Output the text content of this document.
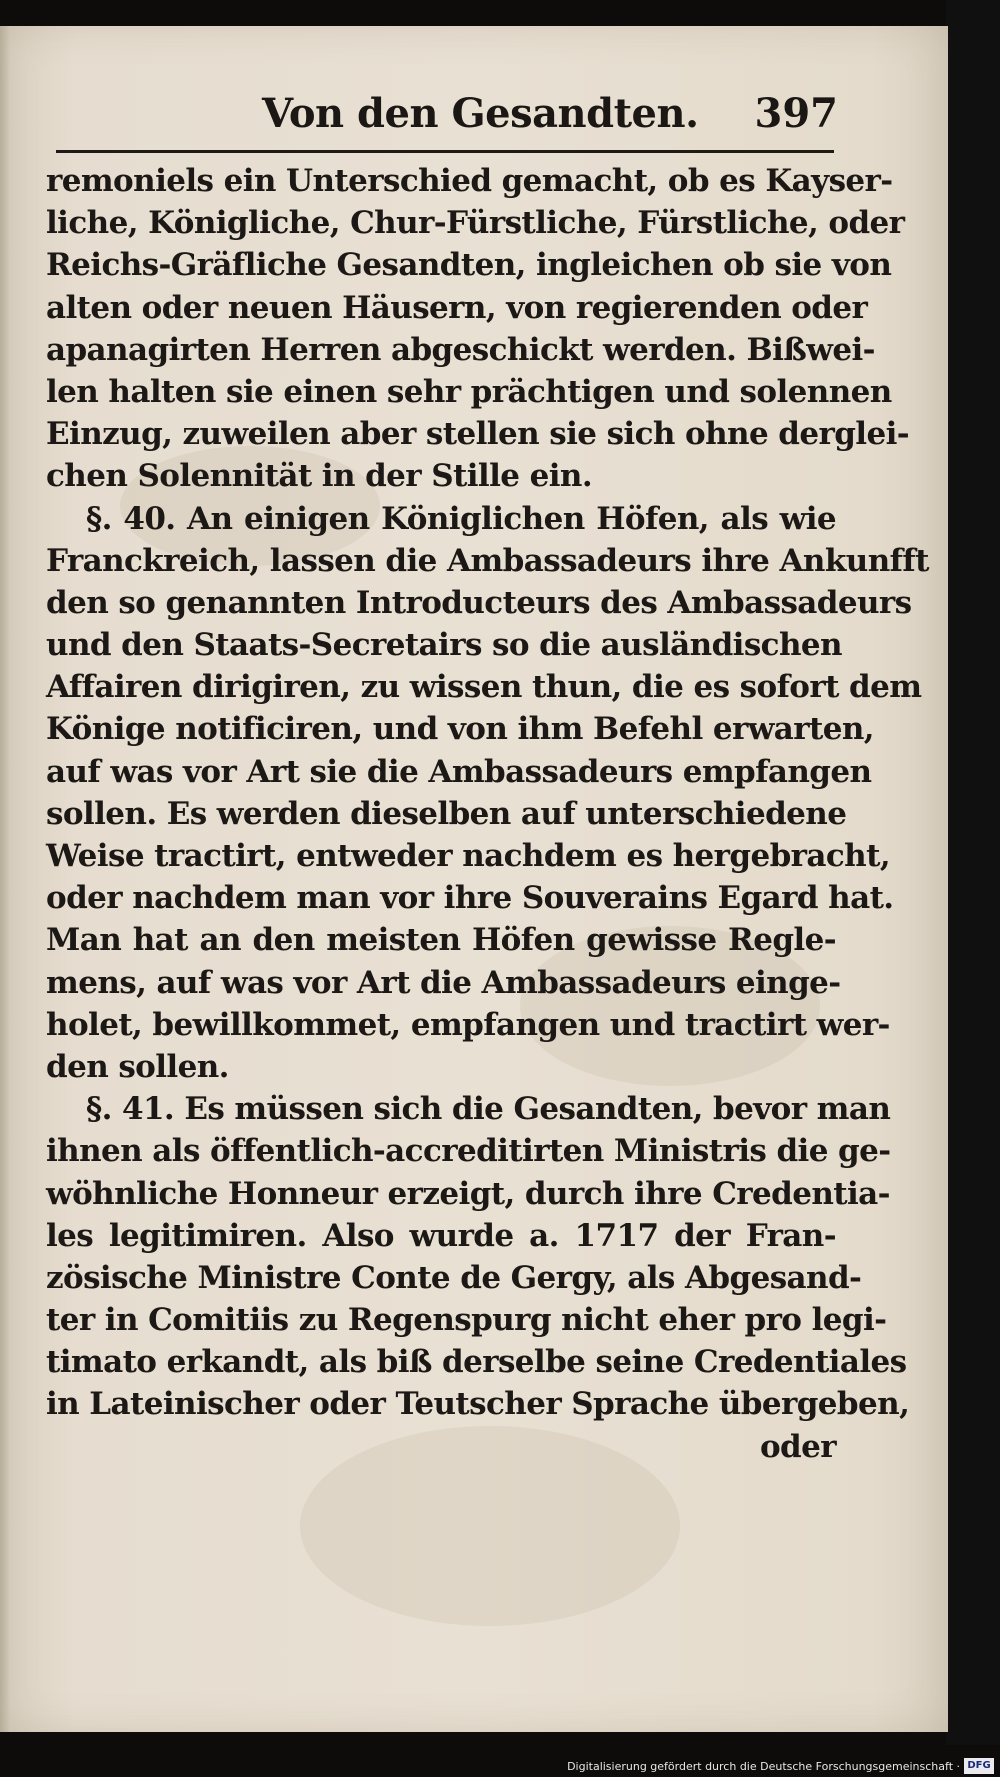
Von den Gesandten. 397
remoniels ein Unterschied gemacht, ob es Kayser-
liche, Königliche, Chur-Fürstliche, Fürstliche, oder
Reichs-Gräfliche Gesandten, ingleichen ob sie von
alten oder neuen Häusern, von regierenden oder
apanagirten Herren abgeschickt werden. Bißwei-
len halten sie einen sehr prächtigen und solennen
Einzug, zuweilen aber stellen sie sich ohne derglei-
chen Solennität in der Stille ein.
§. 40. An einigen Königlichen Höfen, als wie
Franckreich, lassen die Ambassadeurs ihre Ankunfft
den so genannten Introducteurs des Ambassadeurs
und den Staats-Secretairs so die ausländischen
Affairen dirigiren, zu wissen thun, die es sofort dem
Könige notificiren, und von ihm Befehl erwarten,
auf was vor Art sie die Ambassadeurs empfangen
sollen. Es werden dieselben auf unterschiedene
Weise tractirt, entweder nachdem es hergebracht,
oder nachdem man vor ihre Souverains Egard hat.
Man hat an den meisten Höfen gewisse Regle-
mens, auf was vor Art die Ambassadeurs einge-
holet, bewillkommet, empfangen und tractirt wer-
den sollen.
§. 41. Es müssen sich die Gesandten, bevor man
ihnen als öffentlich-accreditirten Ministris die ge-
wöhnliche Honneur erzeigt, durch ihre Credentia-
les legitimiren. Also wurde a. 1717 der Fran-
zösische Ministre Conte de Gergy, als Abgesand-
ter in Comitiis zu Regenspurg nicht eher pro legi-
timato erkandt, als biß derselbe seine Credentiales
in Lateinischer oder Teutscher Sprache übergeben,
oder
Digitalisierung gefördert durch die Deutsche Forschungsgemeinschaft · DFG
